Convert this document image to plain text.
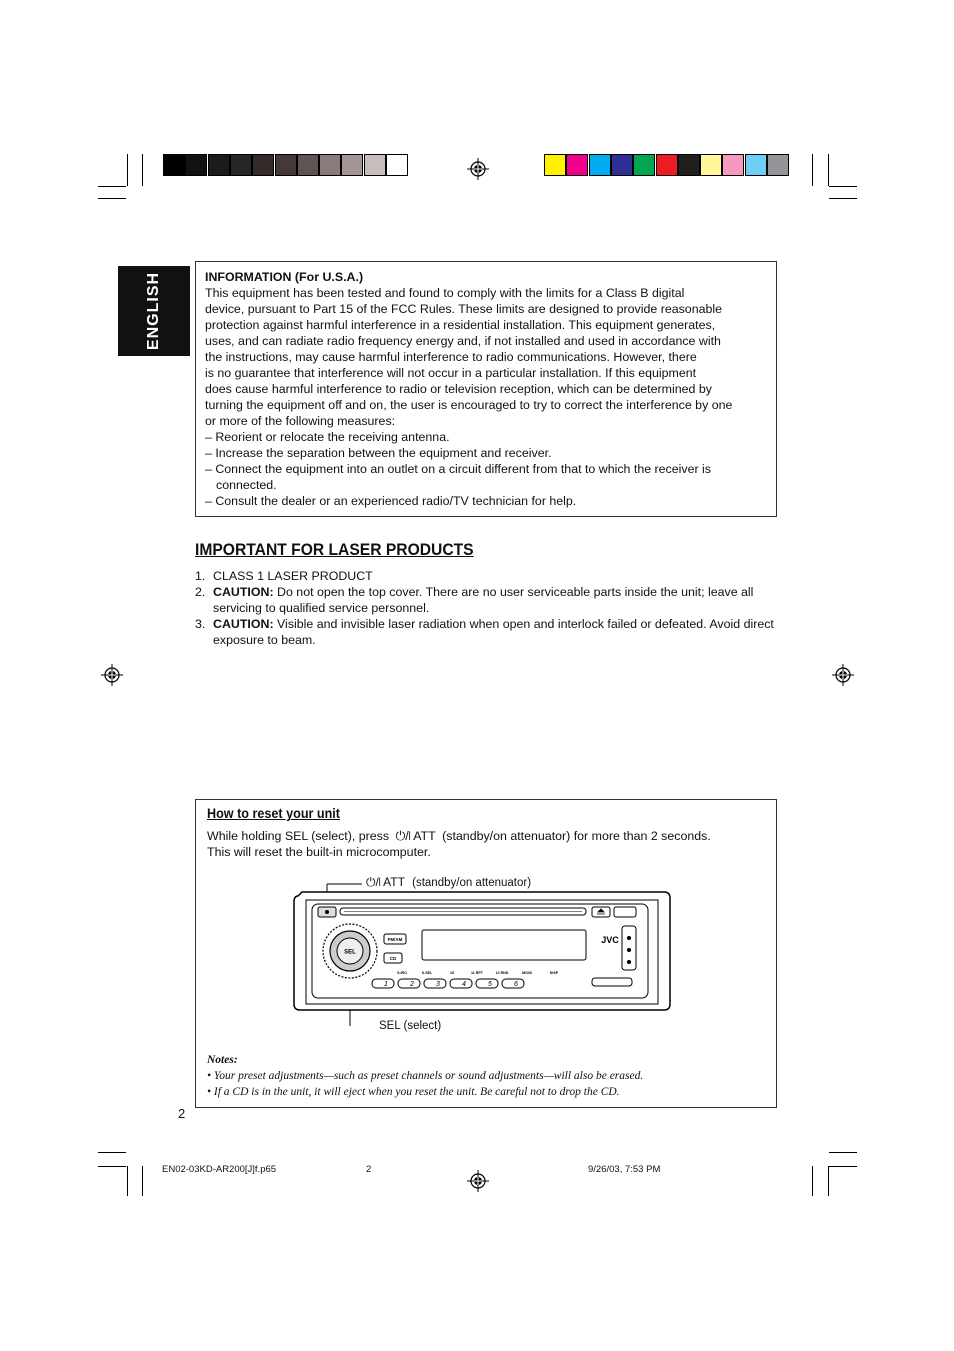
ENGLISH	INFORMATION (For U.S.A.)

This equipment has been tested and found to comply with the limits for a Class B digital

device, pursuant to Part 15 of the FCC Rules. These limits are designed to provide reasonable

protection against harmful interference in a residential installation. This equipment generates,

uses, and can radiate radio frequency energy and, if not installed and used in accordance with

the instructions, may cause harmful interference to radio communications. However, there

is no guarantee that interference will not occur in a particular installation. If this equipment

does cause harmful interference to radio or television reception, which can be determined by

turning the equipment off and on, the user is encouraged to try to correct the interference by one

or more of the following measures:

– Reorient or relocate the receiving antenna.

– Increase the separation between the equipment and receiver.

– Connect the equipment into an outlet on a circuit different from that to which the receiver is connected.

– Consult the dealer or an experienced radio/TV technician for help.

IMPORTANT FOR LASER PRODUCTS
1. CLASS 1 LASER PRODUCT
2. CAUTION: Do not open the top cover. There are no user serviceable parts inside the unit; leave all servicing to qualified service personnel.
3. CAUTION: Visible and invisible laser radiation when open and interlock failed or defeated. Avoid direct exposure to beam.
How to reset your unit

While holding SEL (select), press ⏻/❘ ATT (standby/on attenuator) for more than 2 seconds.

This will reset the built-in microcomputer.

⏻/❘ ATT (standby/on attenuator)
SEL (select)
SEL
FM/AM
CD
JVC
S.IRO	S.SEL	15	11 RPT	12 RND	MO30	DISP
1	2	3	4	5	6

Notes:

• Your preset adjustments—such as preset channels or sound adjustments—will also be erased.

• If a CD is in the unit, it will eject when you reset the unit. Be careful not to drop the CD.

2
EN02-03KD-AR200[J]f.p65	2	9/26/03, 7:53 PM
